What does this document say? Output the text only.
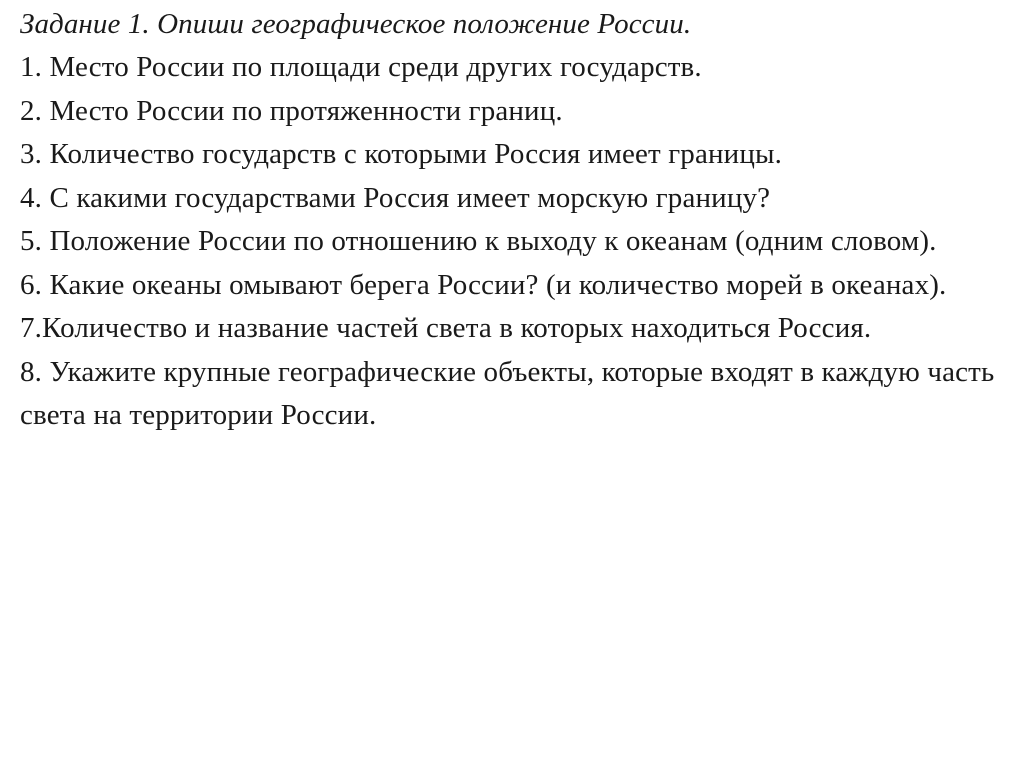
Задание 1. Опиши географическое положение России.

1. Место России по площади среди других государств.
2. Место России по протяженности границ.
3. Количество государств с которыми Россия имеет границы.
4. С какими государствами Россия имеет морскую границу?
5. Положение России по отношению к выходу к океанам (одним словом).
6. Какие океаны омывают берега России? (и количество морей в океанах).
7.Количество и название частей света в которых находиться Россия.
8. Укажите крупные географические объекты, которые входят в каждую часть света на территории России.
